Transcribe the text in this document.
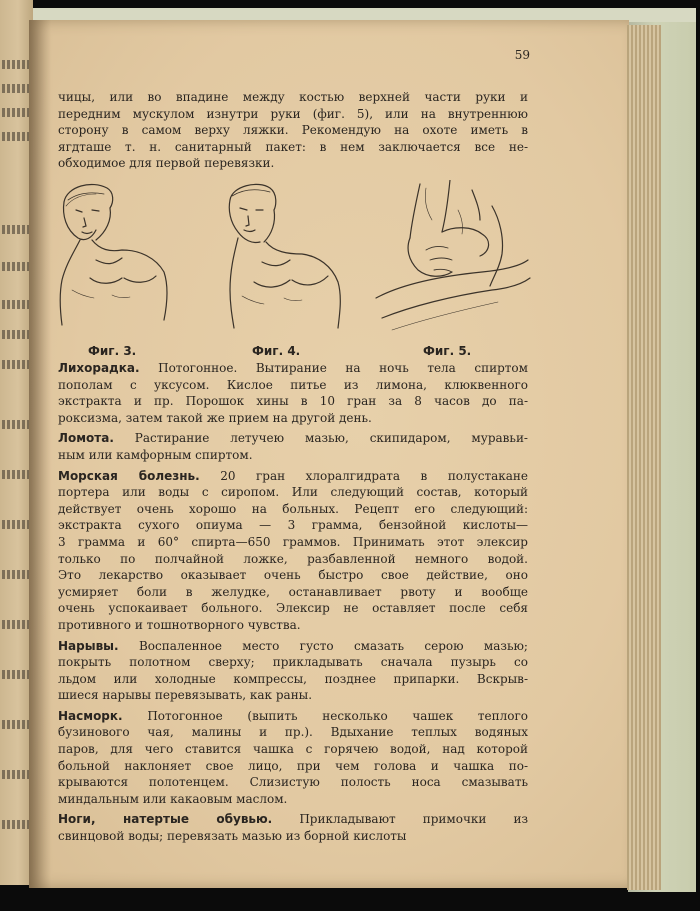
59
чицы, или во впадине между костью верхней части руки и
передним мускулом изнутри руки (фиг. 5), или на внутреннюю
сторону в самом верху ляжки. Рекомендую на охоте иметь в
ягдташе т. н. санитарный пакет: в нем заключается все не-
обходимое для первой перевязки.
Фиг. 3.	Фиг. 4.	Фиг. 5.
Лихорадка. Потогонное. Вытирание на ночь тела спиртом
пополам с уксусом. Кислое питье из лимона, клюквенного
экстракта и пр. Порошок хины в 10 гран за 8 часов до па-
роксизма, затем такой же прием на другой день.
Ломота. Растирание летучею мазью, скипидаром, муравьи-
ным или камфорным спиртом.
Морская болезнь. 20 гран хлоралгидрата в полустакане
портера или воды с сиропом. Или следующий состав, который
действует очень хорошо на больных. Рецепт его следующий:
экстракта сухого опиума — 3 грамма, бензойной кислоты—
3 грамма и 60° спирта—650 граммов. Принимать этот элексир
только по полчайной ложке, разбавленной немного водой.
Это лекарство оказывает очень быстро свое действие, оно
усмиряет боли в желудке, останавливает рвоту и вообще
очень успокаивает больного. Элексир не оставляет после себя
противного и тошнотворного чувства.
Нарывы. Воспаленное место густо смазать серою мазью;
покрыть полотном сверху; прикладывать сначала пузырь со
льдом или холодные компрессы, позднее припарки. Вскрыв-
шиеся нарывы перевязывать, как раны.
Насморк. Потогонное (выпить несколько чашек теплого
бузинового чая, малины и пр.). Вдыхание теплых водяных
паров, для чего ставится чашка с горячею водой, над которой
больной наклоняет свое лицо, при чем голова и чашка по-
крываются полотенцем. Слизистую полость носа смазывать
миндальным или какаовым маслом.
Ноги, натертые обувью. Прикладывают примочки из
свинцовой воды; перевязать мазью из борной кислоты
